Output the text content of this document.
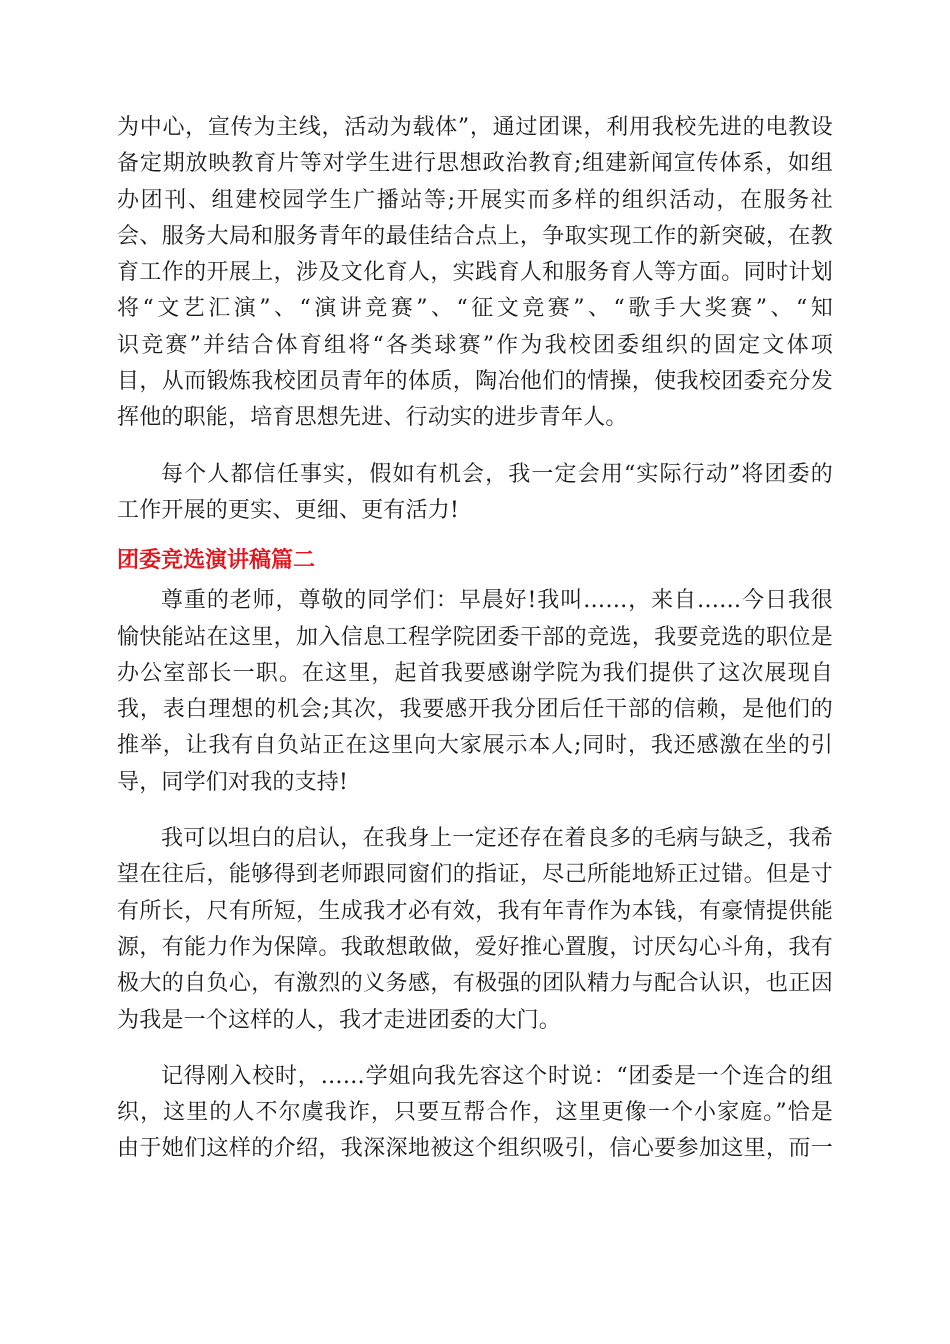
为中心，宣传为主线，活动为载体”，通过团课，利用我校先进的电教设
备定期放映教育片等对学生进行思想政治教育;组建新闻宣传体系，如组
办团刊、组建校园学生广播站等;开展实而多样的组织活动，在服务社
会、服务大局和服务青年的最佳结合点上，争取实现工作的新突破，在教
育工作的开展上，涉及文化育人，实践育人和服务育人等方面。同时计划
将“文艺汇演”、“演讲竞赛”、“征文竞赛”、“歌手大奖赛”、“知
识竞赛”并结合体育组将“各类球赛”作为我校团委组织的固定文体项
目，从而锻炼我校团员青年的体质，陶冶他们的情操，使我校团委充分发
挥他的职能，培育思想先进、行动实的进步青年人。

每个人都信任事实，假如有机会，我一定会用“实际行动”将团委的
工作开展的更实、更细、更有活力!

团委竞选演讲稿篇二

尊重的老师，尊敬的同学们：早晨好!我叫……，来自……今日我很
愉快能站在这里，加入信息工程学院团委干部的竞选，我要竞选的职位是
办公室部长一职。在这里，起首我要感谢学院为我们提供了这次展现自
我，表白理想的机会;其次，我要感开我分团后任干部的信赖，是他们的
推举，让我有自负站正在这里向大家展示本人;同时，我还感激在坐的引
导，同学们对我的支持!

我可以坦白的启认，在我身上一定还存在着良多的毛病与缺乏，我希
望在往后，能够得到老师跟同窗们的指证，尽己所能地矫正过错。但是寸
有所长，尺有所短，生成我才必有效，我有年青作为本钱，有豪情提供能
源，有能力作为保障。我敢想敢做，爱好推心置腹，讨厌勾心斗角，我有
极大的自负心，有激烈的义务感，有极强的团队精力与配合认识，也正因
为我是一个这样的人，我才走进团委的大门。

记得刚入校时，……学姐向我先容这个时说：“团委是一个连合的组
织，这里的人不尔虞我诈，只要互帮合作，这里更像一个小家庭。”恰是
由于她们这样的介绍，我深深地被这个组织吸引，信心要参加这里，而一
